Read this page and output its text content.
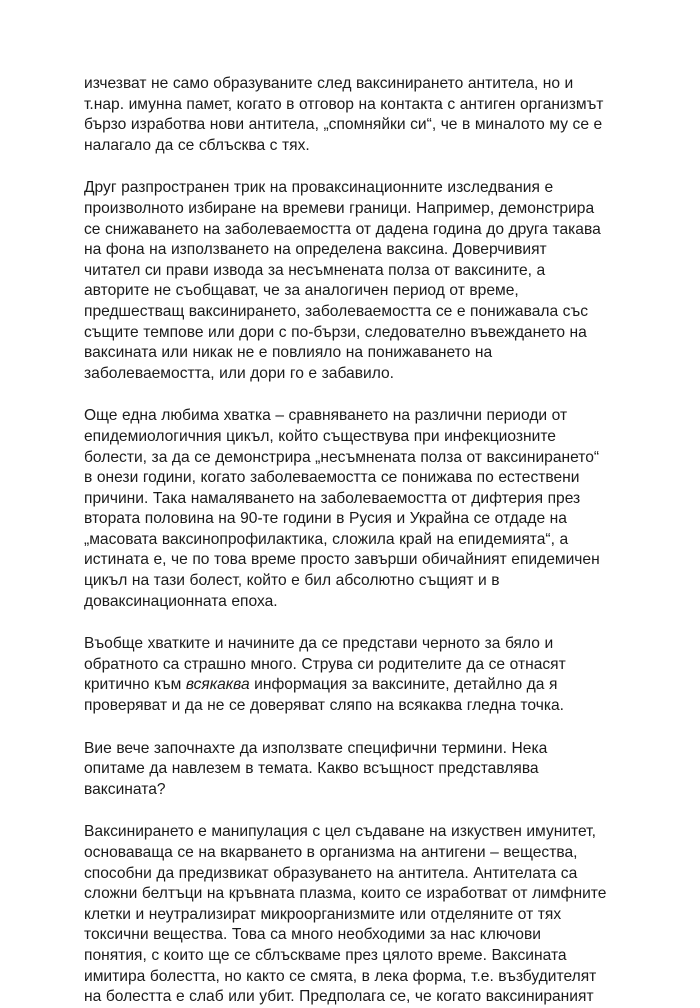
изчезват не само образуваните след ваксинирането антитела, но и
т.нар. имунна памет, когато в отговор на контакта с антиген организмът
бързо изработва нови антитела, „спомняйки си“, че в миналото му се е
налагало да се сблъсква с тях.

Друг разпространен трик на проваксинационните изследвания е
произволното избиране на времеви граници. Например, демонстрира
се снижаването на заболеваемостта от дадена година до друга такава
на фона на използването на определена ваксина. Доверчивият
читател си прави извода за несъмнената полза от ваксините, а
авторите не съобщават, че за аналогичен период от време,
предшестващ ваксинирането, заболеваемостта се е понижавала със
същите темпове или дори с по-бързи, следователно въвеждането на
ваксината или никак не е повлияло на понижаването на
заболеваемостта, или дори го е забавило.

Още една любима хватка – сравняването на различни периоди от
епидемиологичния цикъл, който съществува при инфекциозните
болести, за да се демонстрира „несъмнената полза от ваксинирането“
в онези години, когато заболеваемостта се понижава по естествени
причини. Така намаляването на заболеваемостта от дифтерия през
втората половина на 90-те години в Русия и Украйна се отдаде на
„масовата ваксинопрофилактика, сложила край на епидемията“, а
истината е, че по това време просто завърши обичайният епидемичен
цикъл на тази болест, който е бил абсолютно същият и в
доваксинационната епоха.

Въобще хватките и начините да се представи черното за бяло и
обратното са страшно много. Струва си родителите да се отнасят
критично към всякаква информация за ваксините, детайлно да я
проверяват и да не се доверяват сляпо на всякаква гледна точка.

Вие вече започнахте да използвате специфични термини. Нека
опитаме да навлезем в темата. Какво всъщност представлява
ваксината?

Ваксинирането е манипулация с цел съдаване на изкуствен имунитет,
основаваща се на вкарването в организма на антигени – вещества,
способни да предизвикат образуването на антитела. Антителата са
сложни белтъци на кръвната плазма, които се изработват от лимфните
клетки и неутрализират микроорганизмите или отделяните от тях
токсични вещества. Това са много необходими за нас ключови
понятия, с които ще се сблъскваме през цялото време. Ваксината
имитира болестта, но както се смята, в лека форма, т.е. възбудителят
на болестта е слаб или убит. Предполага се, че когато ваксинираният
